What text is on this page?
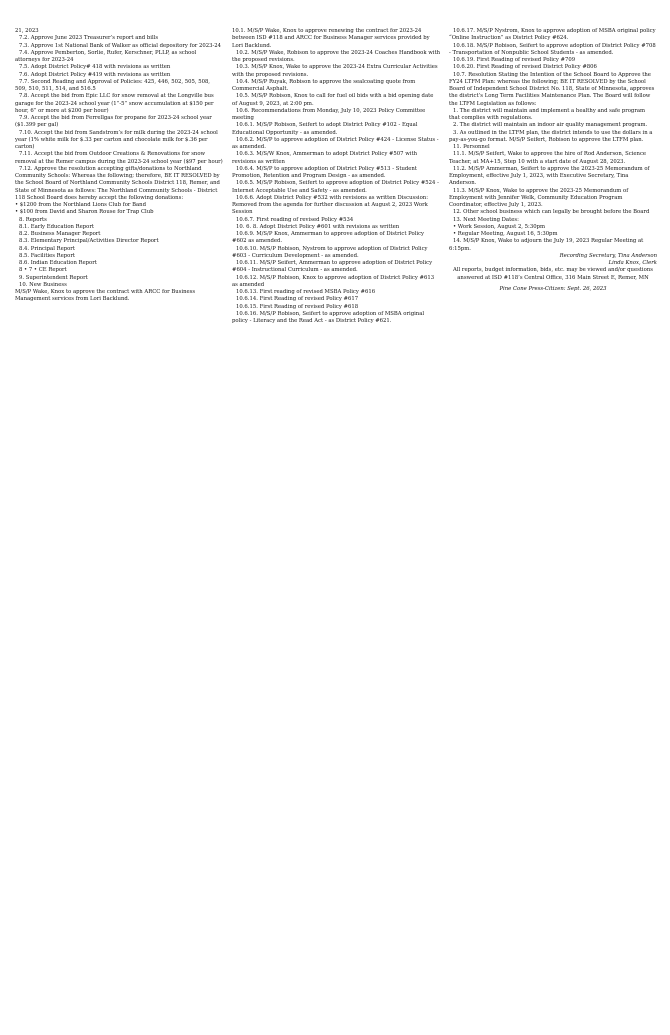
21, 2023

7.2. Approve June 2023 Treasurer’s report and bills

7.3. Approve 1st National Bank of Walker as official depository for 2023-24

7.4. Approve Pemberton, Sorlie, Rufer, Kerschner, PLLP, as school attorneys for 2023-24

7.5. Adopt District Policy# 418 with revisions as written

7.6. Adopt District Policy #419 with revisions as written

7.7. Second Reading and Approval of Policies: 425, 446, 502, 505, 508, 509, 510, 511, 514, and 516.5

7.8. Accept the bid from Epic LLC for snow removal at the Longville bus garage for the 2023-24 school year (1”-5” snow accumulation at $150 per hour, 6” or more at $200 per hour)

7.9. Accept the bid from Ferrellgas for propane for 2023-24 school year ($1.399 per gal)

7.10. Accept the bid from Sandstrom’s for milk during the 2023-24 school year (1% white milk for $.33 per carton and chocolate milk for $.36 per carton)

7.11. Accept the bid from Outdoor Creations & Renovations for snow removal at the Remer campus during the 2023-24 school year ($97 per hour)

7.12. Approve the resolution accepting gifts/donations to Northland Community Schools: Whereas the following; therefore, BE IT RESOLVED by the School Board of Northland Community Schools District 118, Remer, and State of Minnesota as follows: The Northland Community Schools - District 118 School Board does hereby accept the following donations:

• $1200 from the Northland Lions Club for Band

• $100 from David and Sharon Rouse for Trap Club

8. Reports

8.1. Early Education Report

8.2. Business Manager Report

8.3. Elementary Principal/Activities Director Report

8.4. Principal Report

8.5. Facilities Report

8.6. Indian Education Report

8 • 7 • CE Report

9. Superintendent Report

10. New Business

M/S/P Wake, Knox to approve the contract with ARCC for Business Management services from Lori Backlund.

10.1. M/S/P Wake, Knox to approve renewing the contract for 2023-24 between ISD #118 and ARCC for Business Manager services provided by Lori Backlund.

10.2. M/S/P Wake, Robison to approve the 2023-24 Coaches Handbook with the proposed revisions.

10.3. M/S/P Knox, Wake to approve the 2023-24 Extra Curricular Activities with the proposed revisions.

10.4. M/S/P Ruyak, Robison to approve the sealcoating quote from Commercial Asphalt.

10.5. M/S/P Robison, Knox to call for fuel oil bids with a bid opening date of August 9, 2023, at 2:00 pm.

10.6. Recommendations from Monday, July 10, 2023 Policy Committee meeting

10.6.1. M/S/P Robison, Seifert to adopt District Policy #102 - Equal Educational Opportunity - as amended.

10.6.2. M/S/P to approve adoption of District Policy #424 - License Status - as amended.

10.6.3. M/S/W Knox, Ammerman to adopt District Policy #507 with revisions as written

10.6.4. M/S/P to approve adoption of District Policy #513 - Student Promotion, Retention and Program Design - as amended.

10.6.5. M/S/P Robison, Seifert to approve adoption of District Policy #524 - Internet Acceptable Use and Safety - as amended.

10.6.6. Adopt District Policy #532 with revisions as written Discussion: Removed from the agenda for further discussion at August 2, 2023 Work Session

10.6.7. First reading of revised Policy #534

10. 6. 8. Adopt District Policy #601 with revisions as written

10.6.9. M/S/P Knox, Ammerman to approve adoption of District Policy #602 as amended.

10.6.10. M/S/P Robison, Nystrom to approve adoption of District Policy #603 - Curriculum Development - as amended.

10.6.11. M/S/P Seifert, Ammerman to approve adoption of District Policy #604 - Instructional Curriculum - as amended.

10.6.12. M/S/P Robison, Knox to approve adoption of District Policy #613 as amended

10.6.13. First reading of revised MSBA Policy #616

10.6.14. First Reading of revised Policy #617

10.6.15. First Reading of revised Policy #618

10.6.16. M/S/P Robison, Seifert to approve adoption of MSBA original policy - Literacy and the Read Act - as District Policy #621.

10.6.17. M/S/P Nystrom, Knox to approve adoption of MSBA original policy “Online Instruction” as District Policy #624.

10.6.18. M/S/P Robison, Seifert to approve adoption of District Policy #708 - Transportation of Nonpublic School Students - as amended.

10.6.19. First Reading of revised Policy #709

10.6.20. First Reading of revised District Policy #806

10.7. Resolution Stating the Intention of the School Board to Approve the FY24 LTFM Plan: whereas the following; BE IT RESOLVED by the School Board of Independent School District No. 118, State of Minnesota, approves the district’s Long Term Facilities Maintenance Plan. The Board will follow the LTFM Legislation as follows:

1. The district will maintain and implement a healthy and safe program that complies with regulations.

2. The district will maintain an indoor air quality management program.

3. As outlined in the LTFM plan, the district intends to use the dollars in a pay-as-you-go format. M/S/P Seifert, Robison to approve the LTFM plan.

11. Personnel

11.1. M/S/P Seifert, Wake to approve the hire of Rod Anderson, Science Teacher, at MA+15, Step 10 with a start date of August 28, 2023.

11.2. M/S/P Ammerman, Seifert to approve the 2023-25 Memorandum of Employment, effective July 1, 2023, with Executive Secretary, Tina Anderson.

11.3. M/S/P Knox, Wake to approve the 2023-25 Memorandum of Employment with Jennifer Welk, Community Education Program Coordinator, effective July 1, 2023.

12. Other school business which can legally be brought before the Board

13. Next Meeting Dates:

• Work Session, August 2, 5:30pm

• Regular Meeting, August 16, 5:30pm

14. M/S/P Knox, Wake to adjourn the July 19, 2023 Regular Meeting at 6:15pm.

Recording Secretary, Tina Anderson

Linda Knox, Clerk

All reports, budget information, bids, etc. may be viewed and/or questions answered at ISD #118’s Central Office, 316 Main Street E, Remer, MN

Pine Cone Press-Citizen: Sept. 26, 2023
